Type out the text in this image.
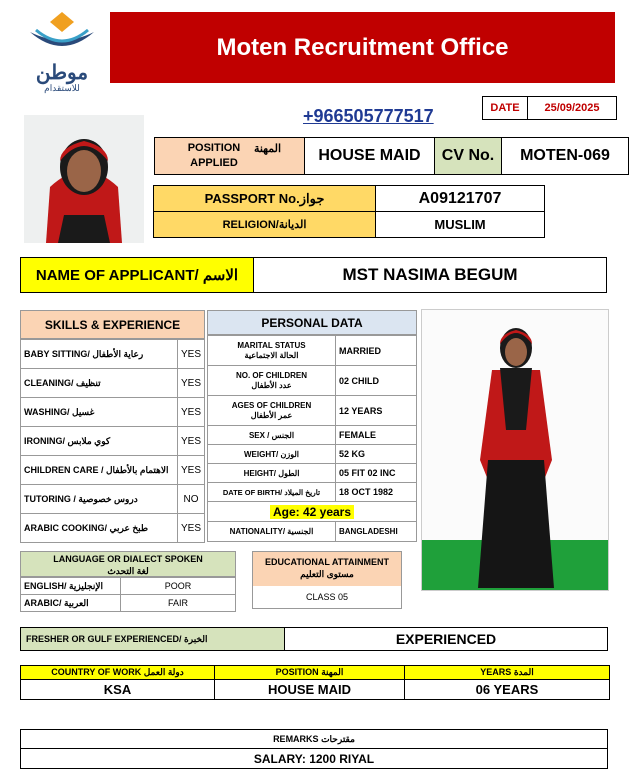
موطن
للاستقدام
Moten Recruitment Office
+966505777517	DATE	25/09/2025
POSITION APPLIED
المهنة	HOUSE MAID	CV No.	MOTEN-069
PASSPORT No.جواز	A09121707
RELIGION/الديانة	MUSLIM
NAME OF APPLICANT/ الاسم	MST NASIMA BEGUM
SKILLS & EXPERIENCE
BABY SITTING/ رعاية الأطفال	YES
CLEANING/ تنظيف	YES
WASHING/ غسيل	YES
IRONING/ كوي ملابس	YES
CHILDREN CARE / الاهتمام بالأطفال	YES
TUTORING / دروس خصوصية	NO
ARABIC COOKING/ طبخ عربي	YES
PERSONAL DATA
MARITAL STATUS
الحالة الاجتماعية	MARRIED

NO. OF CHILDREN
عدد الأطفال	02 CHILD

AGES OF CHILDREN
عمر الأطفال	12 YEARS
SEX / الجنس	FEMALE
WEIGHT/ الوزن	52 KG
HEIGHT/ الطول	05 FIT 02 INC
DATE OF BIRTH/ تاريخ الميلاد	18 OCT 1982
Age: 42 years	
NATIONALITY/ الجنسية	BANGLADESHI
LANGUAGE OR DIALECT SPOKEN
لغة التحدث
ENGLISH/ الإنجليزية	POOR
ARABIC/ العربية	FAIR
EDUCATIONAL ATTAINMENT
مستوى التعليم
CLASS 05
FRESHER OR GULF EXPERIENCED/ الخبرة	EXPERIENCED
COUNTRY OF WORK دولة العمل	POSITION المهنة	YEARS المدة
KSA	HOUSE MAID	06 YEARS
REMARKS مقترحات
SALARY: 1200 RIYAL
